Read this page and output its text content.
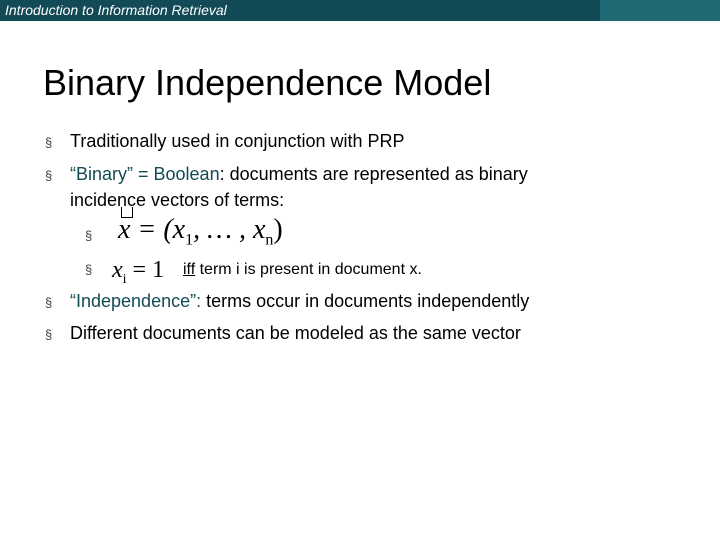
Introduction to Information Retrieval
Binary Independence Model
§ Traditionally used in conjunction with PRP
§ “Binary” = Boolean: documents are represented as binary
incidence vectors of terms:
§ $x = (x_1$, … , $x_n$)
§ $x_i = 1$ iff term i is present in document x.
§ “Independence”: terms occur in documents independently
§ Different documents can be modeled as the same vector
